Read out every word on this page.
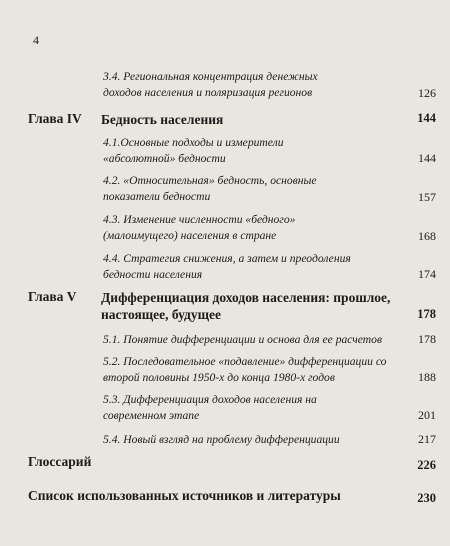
4
3.4. Региональная концентрация денежных доходов населения и поляризация регионов	126
Глава IV Бедность населения	144
4.1.Основные подходы и измерители «абсолютной» бедности	144
4.2. «Относительная» бедность, основные показатели бедности	157
4.3. Изменение численности «бедного» (малоимущего) населения в стране	168
4.4. Стратегия снижения, а затем и преодоления бедности населения	174
Глава V Дифференциация доходов населения: прошлое, настоящее, будущее	178
5.1. Понятие дифференциации и основа для ее расчетов	178
5.2. Последовательное «подавление» дифференциации со второй половины 1950-х до конца 1980-х годов	188
5.3. Дифференциация доходов населения на современном этапе	201
5.4. Новый взгляд на проблему дифференциации	217
Глоссарий	226
Список использованных источников и литературы	230
